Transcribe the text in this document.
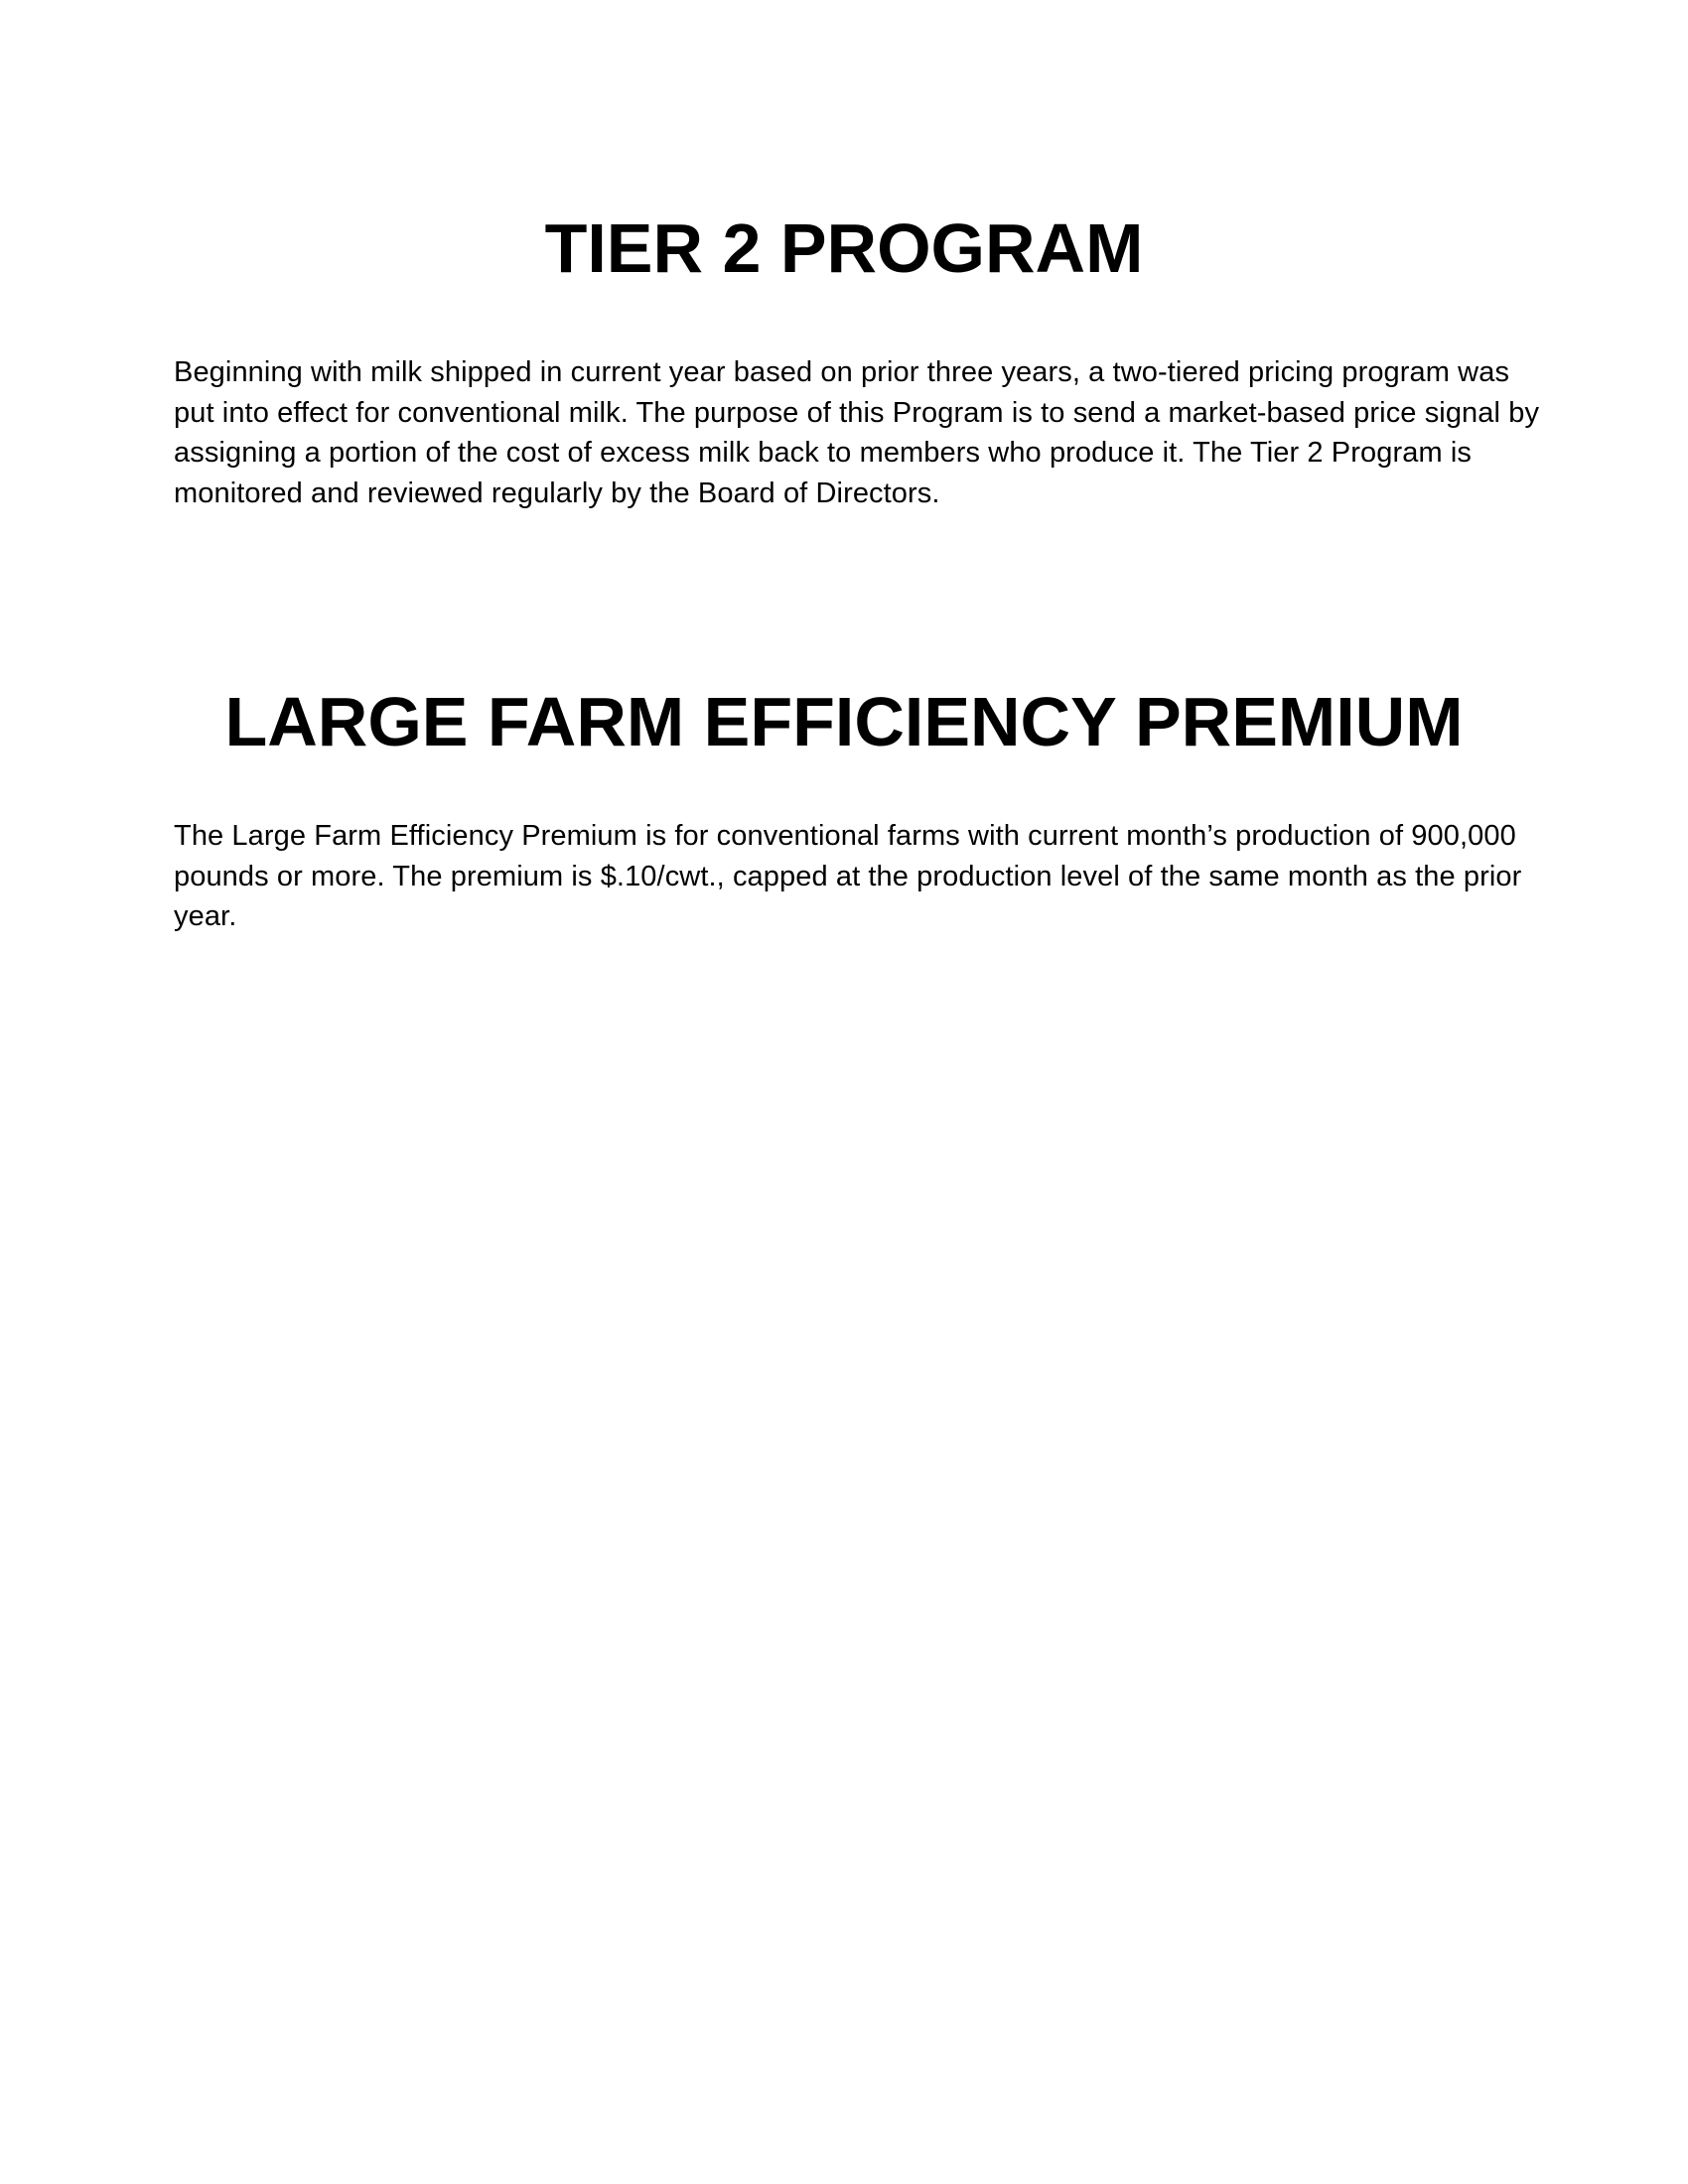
TIER 2 PROGRAM

Beginning with milk shipped in current year based on prior three years, a two-tiered pricing program was put into effect for conventional milk. The purpose of this Program is to send a market-based price signal by assigning a portion of the cost of excess milk back to members who produce it. The Tier 2 Program is monitored and reviewed regularly by the Board of Directors.

LARGE FARM EFFICIENCY PREMIUM

The Large Farm Efficiency Premium is for conventional farms with current month’s production of 900,000 pounds or more. The premium is $.10/cwt., capped at the production level of the same month as the prior year.
